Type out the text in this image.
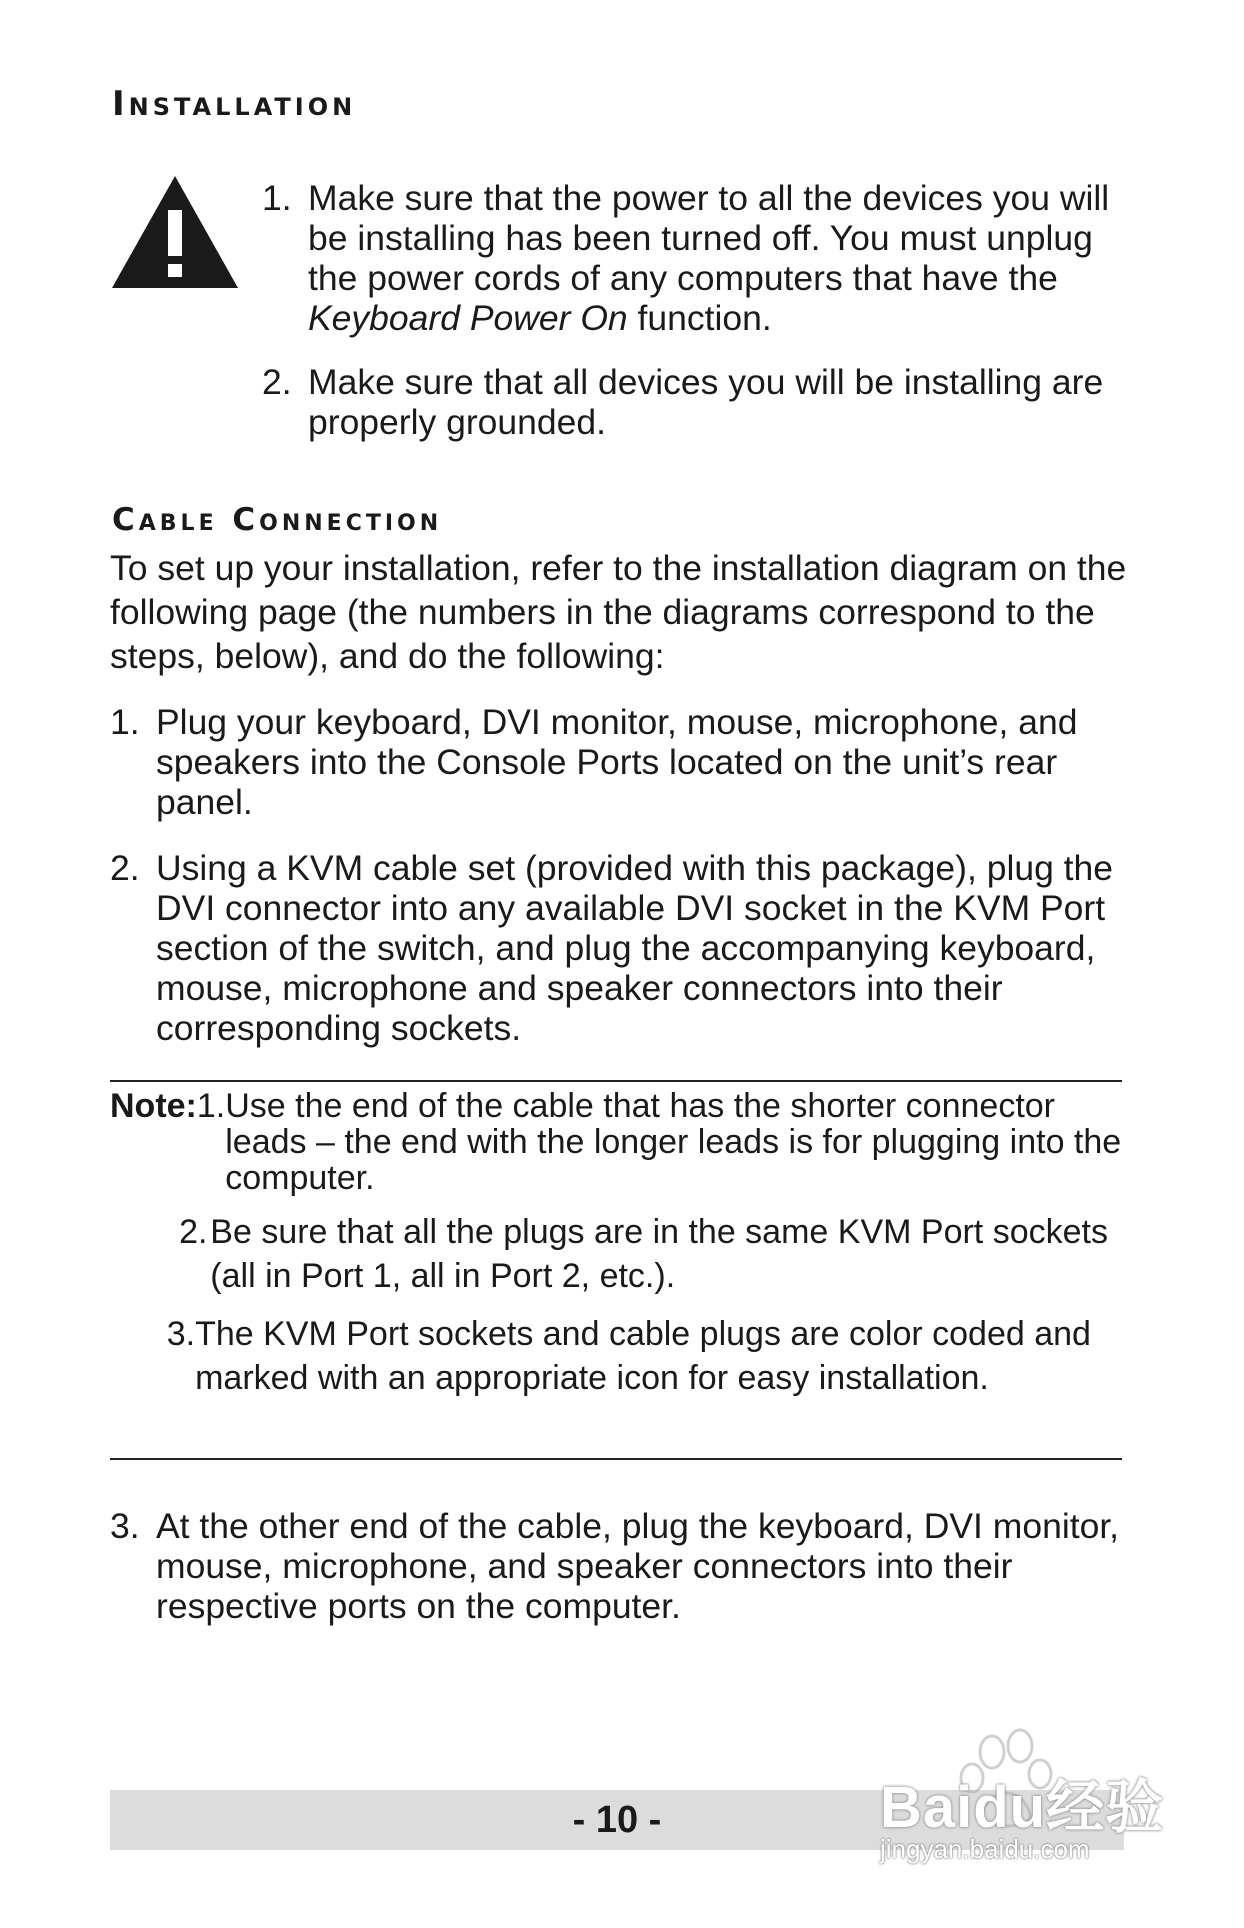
Installation
1. Make sure that the power to all the devices you will be installing has been turned off. You must unplug the power cords of any computers that have the Keyboard Power On function.
2. Make sure that all devices you will be installing are properly grounded.
Cable Connection

To set up your installation, refer to the installation diagram on the following page (the numbers in the diagrams correspond to the steps, below), and do the following:

1. Plug your keyboard, DVI monitor, mouse, microphone, and speakers into the Console Ports located on the unit’s rear panel.
2. Using a KVM cable set (provided with this package), plug the DVI connector into any available DVI socket in the KVM Port section of the switch, and plug the accompanying keyboard, mouse, microphone and speaker connectors into their corresponding sockets.
Note: 1. Use the end of the cable that has the shorter connector leads – the end with the longer leads is for plugging into the computer.
2. Be sure that all the plugs are in the same KVM Port sockets (all in Port 1, all in Port 2, etc.).
3. The KVM Port sockets and cable plugs are color coded and marked with an appropriate icon for easy installation.
3. At the other end of the cable, plug the keyboard, DVI monitor, mouse, microphone, and speaker connectors into their respective ports on the computer.
- 10 -	Baidu经验
jingyan.baidu.com
